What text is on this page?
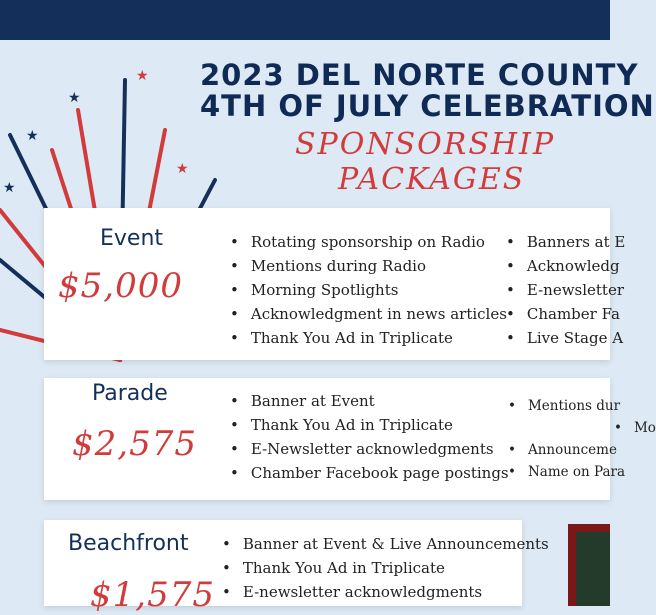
★
★
★
★
★
2023 DEL NORTE COUNTY
4TH OF JULY CELEBRATION
SPONSORSHIP
PACKAGES
Event
$5,000
• Rotating sponsorship on Radio
• Mentions during Radio
• Morning Spotlights
• Acknowledgment in news articles
• Thank You Ad in Triplicate
• Banners at E
• Acknowledg
• E-newsletter
• Chamber Fa
• Live Stage A
Parade
$2,575
• Banner at Event
• Thank You Ad in Triplicate
• E-Newsletter acknowledgments
• Chamber Facebook page postings
• Mentions dur
• Mo
• Announceme
• Name on Para
Beachfront
$1,575
• Banner at Event & Live Announcements
• Thank You Ad in Triplicate
• E-newsletter acknowledgments
